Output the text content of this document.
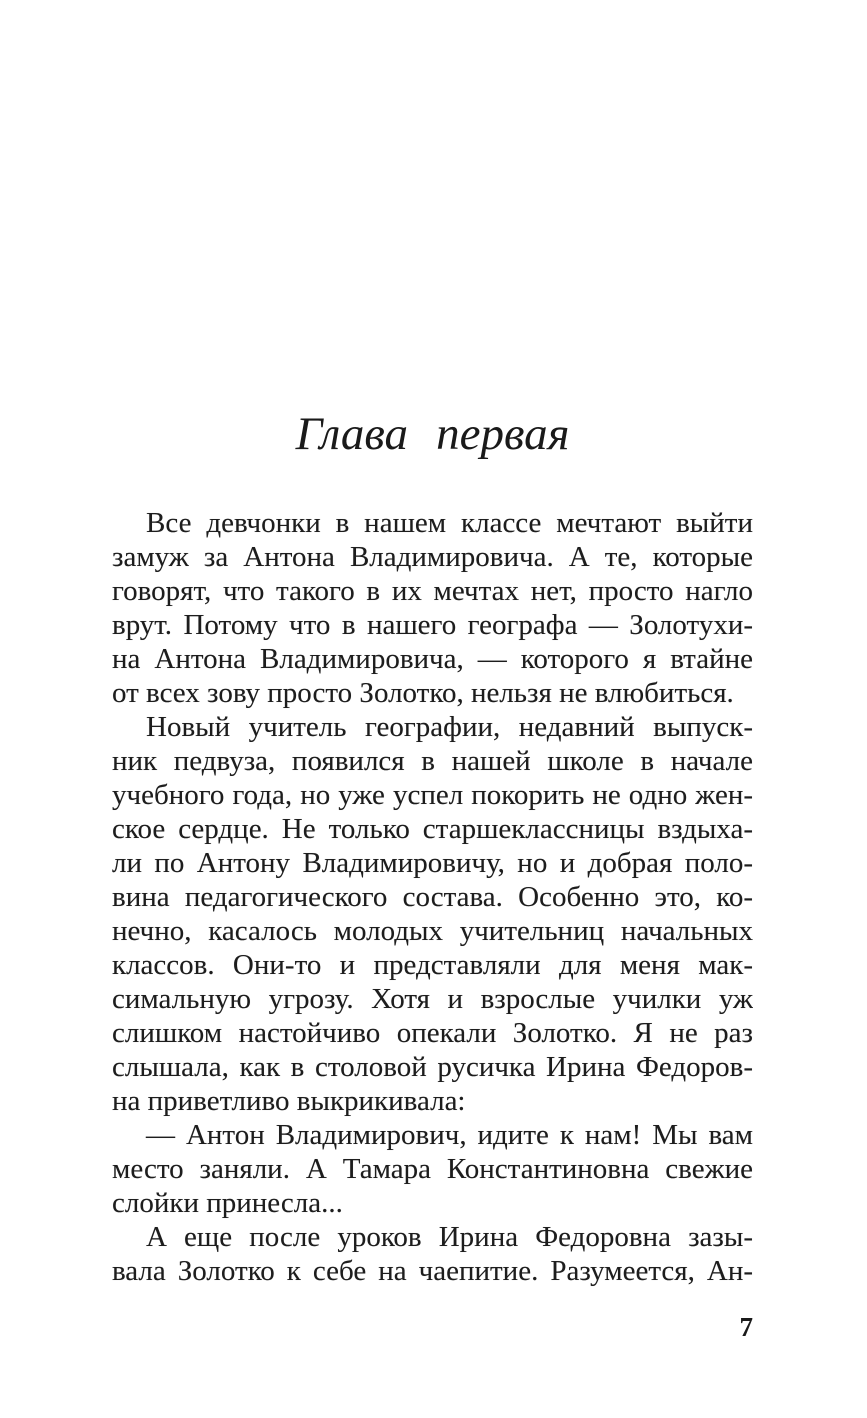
Глава первая
Все девчонки в нашем классе мечтают выйти
замуж за Антона Владимировича. А те, которые
говорят, что такого в их мечтах нет, просто нагло
врут. Потому что в нашего географа — Золотухи-
на Антона Владимировича, — которого я втайне
от всех зову просто Золотко, нельзя не влюбиться.
Новый учитель географии, недавний выпуск-
ник педвуза, появился в нашей школе в начале
учебного года, но уже успел покорить не одно жен-
ское сердце. Не только старшеклассницы вздыха-
ли по Антону Владимировичу, но и добрая поло-
вина педагогического состава. Особенно это, ко-
нечно, касалось молодых учительниц начальных
классов. Они-то и представляли для меня мак-
симальную угрозу. Хотя и взрослые училки уж
слишком настойчиво опекали Золотко. Я не раз
слышала, как в столовой русичка Ирина Федоров-
на приветливо выкрикивала:
— Антон Владимирович, идите к нам! Мы вам
место заняли. А Тамара Константиновна свежие
слойки принесла...
А еще после уроков Ирина Федоровна зазы-
вала Золотко к себе на чаепитие. Разумеется, Ан-
7
